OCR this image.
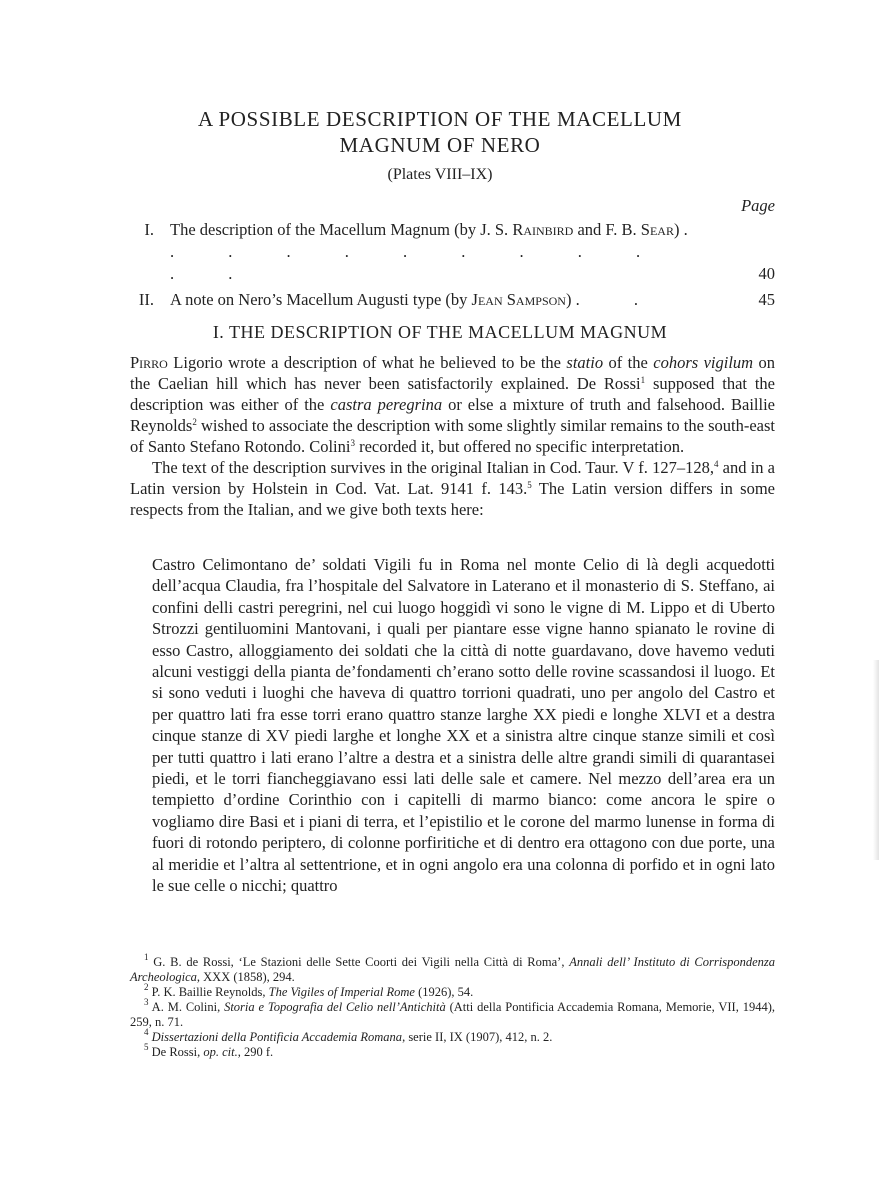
A POSSIBLE DESCRIPTION OF THE MACELLUM
MAGNUM OF NERO
(Plates VIII–IX)
Page
I. The description of the Macellum Magnum (by J. S. Rainbird and F. B. Sear) . . . . . . . . . . . .	40
II. A note on Nero’s Macellum Augusti type (by Jean Sampson) . .	45
I. THE DESCRIPTION OF THE MACELLUM MAGNUM

Pirro Ligorio wrote a description of what he believed to be the statio of the cohors vigilum on the Caelian hill which has never been satisfactorily explained. De Rossi$^1$ supposed that the description was either of the castra peregrina or else a mixture of truth and falsehood. Baillie Reynolds$^2$ wished to associate the description with some slightly similar remains to the south-east of Santo Stefano Rotondo. Colini$^3$ recorded it, but offered no specific interpretation.

The text of the description survives in the original Italian in Cod. Taur. V f. 127–128,$^4$ and in a Latin version by Holstein in Cod. Vat. Lat. 9141 f. 143.$^5$ The Latin version differs in some respects from the Italian, and we give both texts here:

Castro Celimontano de’ soldati Vigili fu in Roma nel monte Celio di là degli acquedotti dell’acqua Claudia, fra l’hospitale del Salvatore in Laterano et il monasterio di S. Steffano, ai confini delli castri peregrini, nel cui luogo hoggidì vi sono le vigne di M. Lippo et di Uberto Strozzi gentiluomini Mantovani, i quali per piantare esse vigne hanno spianato le rovine di esso Castro, alloggiamento dei soldati che la città di notte guardavano, dove havemo veduti alcuni vestiggi della pianta de’fondamenti ch’erano sotto delle rovine scassandosi il luogo. Et si sono veduti i luoghi che haveva di quattro torrioni quadrati, uno per angolo del Castro et per quattro lati fra esse torri erano quattro stanze larghe XX piedi e longhe XLVI et a destra cinque stanze di XV piedi larghe et longhe XX et a sinistra altre cinque stanze simili et così per tutti quattro i lati erano l’altre a destra et a sinistra delle altre grandi simili di quarantasei piedi, et le torri fiancheggiavano essi lati delle sale et camere. Nel mezzo dell’area era un tempietto d’ordine Corinthio con i capitelli di marmo bianco: come ancora le spire o vogliamo dire Basi et i piani di terra, et l’epistilio et le corone del marmo lunense in forma di fuori di rotondo periptero, di colonne porfiritiche et di dentro era ottagono con due porte, una al meridie et l’altra al settentrione, et in ogni angolo era una colonna di porfido et in ogni lato le sue celle o nicchi; quattro

$^1$ G. B. de Rossi, ‘Le Stazioni delle Sette Coorti dei Vigili nella Città di Roma’, Annali dell’ Instituto di Corrispondenza Archeologica, XXX (1858), 294.

$^2$ P. K. Baillie Reynolds, The Vigiles of Imperial Rome (1926), 54.

$^3$ A. M. Colini, Storia e Topografia del Celio nell’Antichità (Atti della Pontificia Accademia Romana, Memorie, VII, 1944), 259, n. 71.

$^4$ Dissertazioni della Pontificia Accademia Romana, serie II, IX (1907), 412, n. 2.

$^5$ De Rossi, op. cit., 290 f.
